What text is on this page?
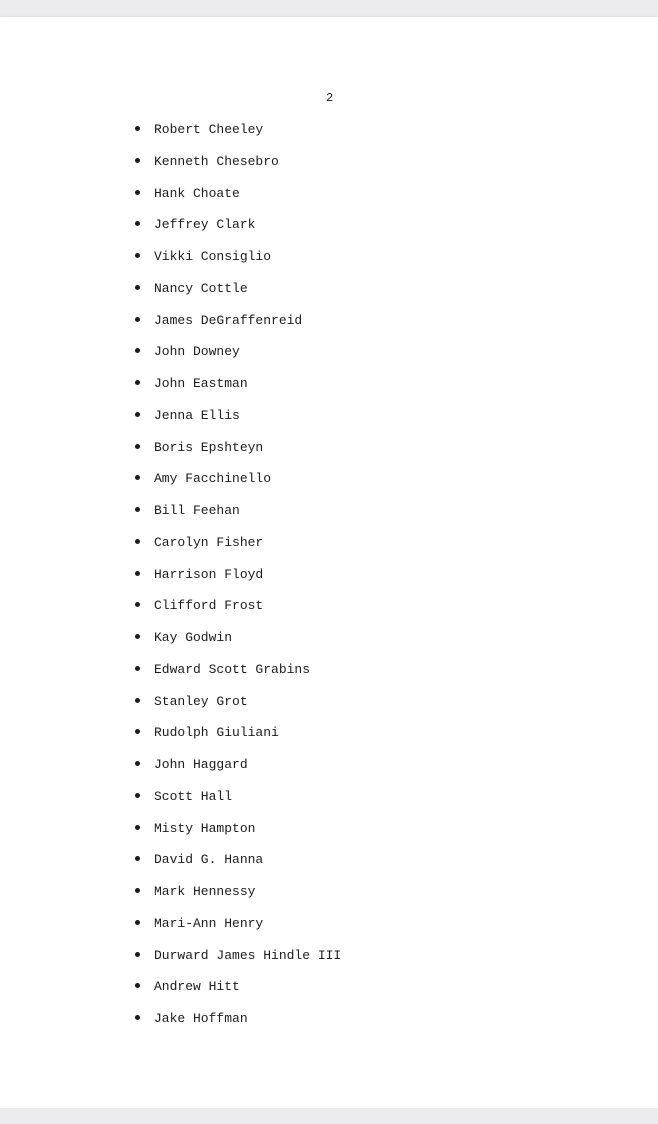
2
Robert Cheeley
Kenneth Chesebro
Hank Choate
Jeffrey Clark
Vikki Consiglio
Nancy Cottle
James DeGraffenreid
John Downey
John Eastman
Jenna Ellis
Boris Epshteyn
Amy Facchinello
Bill Feehan
Carolyn Fisher
Harrison Floyd
Clifford Frost
Kay Godwin
Edward Scott Grabins
Stanley Grot
Rudolph Giuliani
John Haggard
Scott Hall
Misty Hampton
David G. Hanna
Mark Hennessy
Mari-Ann Henry
Durward James Hindle III
Andrew Hitt
Jake Hoffman
